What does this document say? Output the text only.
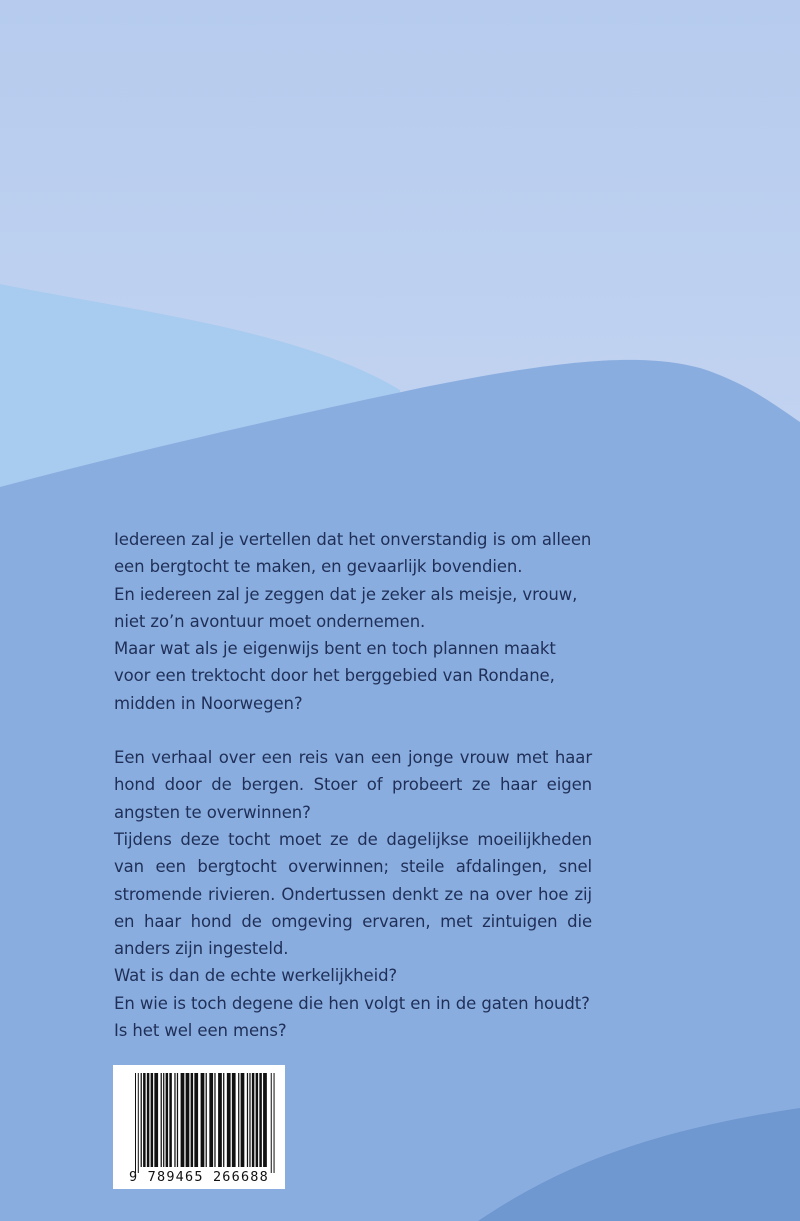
Iedereen zal je vertellen dat het onverstandig is om alleen een bergtocht te maken, en gevaarlijk bovendien.

En iedereen zal je zeggen dat je zeker als meisje, vrouw, niet zo’n avontuur moet ondernemen.

Maar wat als je eigenwijs bent en toch plannen maakt voor een trektocht door het berggebied van Rondane, midden in Noorwegen?

Een verhaal over een reis van een jonge vrouw met haar hond door de bergen. Stoer of probeert ze haar eigen angsten te overwinnen?

Tijdens deze tocht moet ze de dagelijkse moeilijkheden van een bergtocht overwinnen; steile afdalingen, snel stromende rivieren. Ondertussen denkt ze na over hoe zij en haar hond de omgeving ervaren, met zintuigen die anders zijn ingesteld.

Wat is dan de echte werkelijkheid?

En wie is toch degene die hen volgt en in de gaten houdt?

Is het wel een mens?

9 789465 266688
